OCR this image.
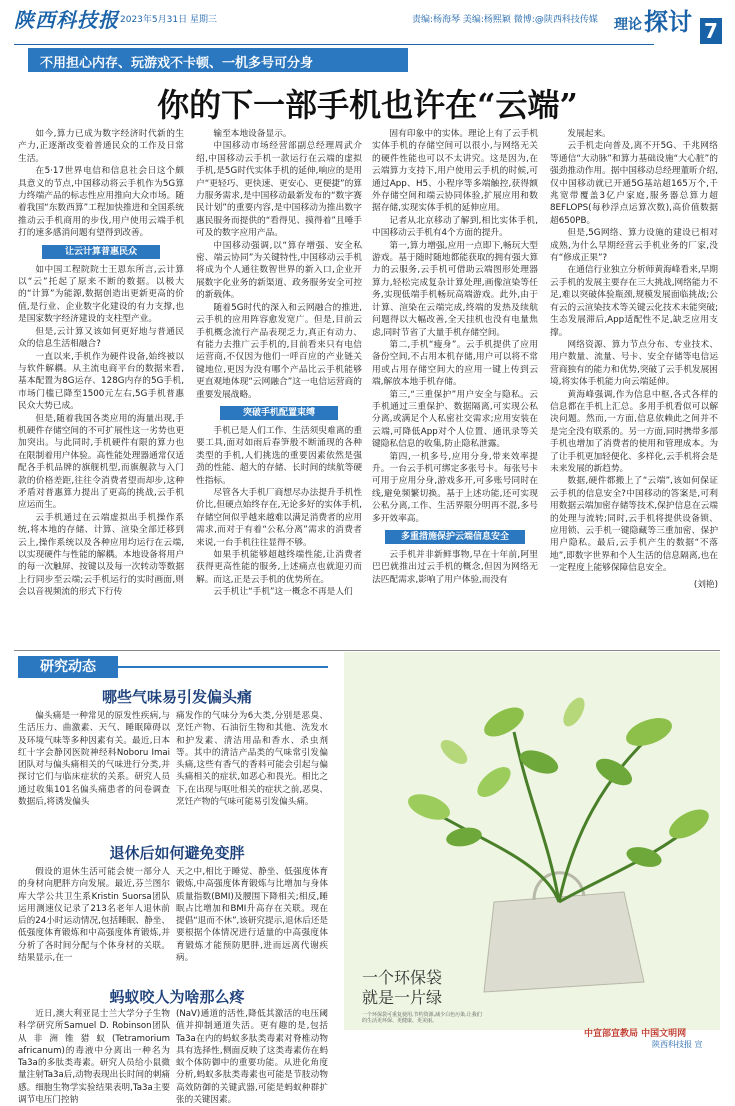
陕西科技报 2023年5月31日 星期三	责编:杨海琴 美编:杨熙颖 微博:@陕西科技传媒 理论 探讨 7
不用担心内存、玩游戏不卡顿、一机多号可分身
你的下一部手机也许在“云端”

如今,算力已成为数字经济时代新的生产力,正逐渐改变着普通民众的工作及日常生活。

在5·17世界电信和信息社会日这个颇具意义的节点,中国移动将云手机作为5G算力终端产品的标志性应用推向大众市场。随着我国“东数西算”工程加快推进和全国系统推动云手机商用的步伐,用户使用云端手机打的速多感消问题有望得到改善。

让云计算普惠民众

如中国工程院院士王恩东所言,云计算以“云”托起了原来不断的数据。以极大的“计算”为能源,数据创造出更新更高的价值,是行业、企业数字化建设的有力支撑,也是国家数字经济建设的支柱型产业。

但是,云计算又该如何更好地与普通民众的信息生活相融合?

一直以来,手机作为硬件设备,始终被以与软件解耦。从主流电商平台的数据来看,基本配置为8G运存、128G内存的5G手机,市场门槛已降至1500元左右,5G手机普惠民众大势已成。

但是,随着我国各类应用的海量出现,手机硬件存储空间的不可扩展性这一劣势也更加突出。与此同时,手机硬件有限的算力也在限制着用户体验。高性能处理器通常仅适配各手机品牌的旗舰机型,而旗舰款与入门款的价格差距,往往令消费者望而却步,这种矛盾对普惠算力提出了更高的挑战,云手机应运而生。

云手机通过在云端虚拟出手机操作系统,将本地的存储、计算、渲染全部迁移到云上,操作系统以及各种应用均运行在云端,以实现硬件与性能的解耦。本地设备将用户的每一次触屏、按键以及每一次转动等数据上行同步至云端;云手机运行的实时画面,则会以音视频流的形式下行传

输至本地设备显示。

中国移动市场经营部副总经理周武介绍,中国移动云手机一款运行在云端的虚拟手机,是5G时代实体手机的延伸,响应的是用户“更轻巧、更快速、更安心、更便捷”的算力服务需求,是中国移动最新发布的“数字赛民计划”的重要内容,是中国移动为推出数字惠民服务而提供的“看得见、摸得着”且唾手可及的数字应用产品。

中国移动强调,以“算存增强、安全私密、端云协同”为关键特性,中国移动云手机将成为个人通往数智世界的新入口,企业开展数字化业务的新渠道、政务服务安全可控的新载体。

随着5G时代的深入和云网融合的推进,云手机的应用阵容愈发宽广。但是,目前云手机概念流行产品表现乏力,真正有动力、有能力去推广云手机的,目前看来只有电信运营商,不仅因为他们一呼百应的产业链关键地位,更因为没有哪个产品比云手机能够更直观地体现“云网融合”这一电信运营商的重要发展战略。

突破手机配置束缚

手机已是人们工作、生活须臾难离的重要工具,面对如雨后春笋般不断涌现的各种类型的手机,人们挑选的重要因素依然是强劲的性能、超大的存储、长时间的续航等硬性指标。

尽管各大手机厂商想尽办法提升手机性价比,但硬点始终存在,无论多好的实体手机,存储空间似乎越来越难以满足消费者的应用需求,而对于有着“公私分离”需求的消费者来说,一台手机往往显得不够。

如果手机能够超越终端性能,让消费者获得更高性能的服务,上述痛点也就迎刃而解。而这,正是云手机的优势所在。

云手机让“手机”这一概念不再是人们

固有印象中的实体。理论上有了云手机实体手机的存储空间可以很小,与网络无关的硬件性能也可以不太讲究。这是因为,在云端算力支持下,用户使用云手机的时候,可通过App、H5、小程序等多端触控,获得额外存储空间和端云协同体验,扩展应用和数据存储,实现实体手机的延伸应用。

记者从北京移动了解到,相比实体手机,中国移动云手机有4个方面的提升。

第一,算力增强,应用一点即下,畅玩大型游戏。基于随时随地都能获取的拥有强大算力的云服务,云手机可借助云端图形处理器算力,轻松完成复杂计算处理,画像渲染等任务,实现低端手机畅玩高端游戏。此外,由于计算、渲染在云端完成,终端的发热及续航问题得以大幅改善,全天挂机也没有电量焦虑,同时节省了大量手机存储空间。

第二,手机“瘦身”。云手机提供了应用备份空间,不占用本机存储,用户可以将不常用或占用存储空间大的应用一键上传到云端,解放本地手机存储。

第三,“三重保护”用户安全与隐私。云手机通过三重保护、数据隔离,可实现公私分离,或满足个人私密社交需求;应用安装在云端,可降低App对个人位置、通讯录等关键隐私信息的收集,防止隐私泄露。

第四,一机多号,应用分身,带来效率提升。一台云手机可绑定多张号卡。每张号卡可用于应用分身,游戏多开,可多账号同时在线,避免频繁切换。基于上述功能,还可实现公私分离,工作、生活界限分明再不混,多号多开效率高。

多重措施保护云端信息安全

云手机并非新鲜事物,早在十年前,阿里巴巴就推出过云手机的概念,但因为网络无法匹配需求,影响了用户体验,而没有

发展起来。

云手机走向普及,离不开5G、千兆网络等通信“大动脉”和算力基础设施“大心脏”的强劲推动作用。据中国移动总经理董昕介绍,仅中国移动就已开通5G基站超165万个,千兆宽带覆盖3亿户家庭,服务器总算力超8EFLOPS(每秒浮点运算次数),高价值数据超650PB。

但是,5G网络、算力设施的建设已相对成熟,为什么早期经营云手机业务的厂家,没有“修成正果”?

在通信行业独立分析师黄海峰看来,早期云手机的发展主要存在三大挑战,网络能力不足,难以突破体验瓶颈,规模发展面临挑战;公有云的云渲染技术等关键云化技术未能突破;生态发展滞后,App适配性不足,缺乏应用支撑。

网络资源、算力节点分布、专业技术、用户数量、流量、号卡、安全存储等电信运营商独有的能力和优势,突破了云手机发展困境,将实体手机能力向云端延伸。

黄海峰强调,作为信息中枢,各式各样的信息都在手机上汇总。多用手机看似可以解决问题。然而,一方面,信息依赖此之间并不是完全没有联系的。另一方面,同时携带多部手机也增加了消费者的使用和管理成本。为了让手机更加轻便化、多样化,云手机将会是未来发展的新趋势。

数据,硬件都搬上了“云端”,该如何保证云手机的信息安全?中国移动的答案是,可利用数据云端加密存储等技术,保护信息在云端的处理与流转;同时,云手机将提供设备锁、应用锁、云手机一键隐藏等三重加密、保护用户隐私。最后,云手机产生的数据“不落地”,即数字世界和个人生活的信息隔离,也在一定程度上能够保障信息安全。

(刘艳)
研究动态
哪些气味易引发偏头痛

偏头痛是一种常见的原发性疾病,与生活压力、曲激素、天气、睡眠障碍以及环境气味等多种因素有关。最近,日本红十字会静冈医院神经科Noboru Imai团队对与偏头痛相关的气味进行分类,并探讨它们与临床症状的关系。研究人员通过收集101名偏头痛患者的问卷调查数据后,将诱发偏头

痛发作的气味分为6大类,分别是恶臭、烹饪产物、石油衍生物和其他、洗发水和护发素、清洁用品和香水、杀虫剂等。其中的清洁产品类的气味常引发偏头痛,这些有香气的香料可能会引起与偏头痛相关的症状,如恶心和畏光。相比之下,在出现与呕吐相关的症状之前,恶臭、烹饪产物的气味可能易引发偏头痛。

退休后如何避免变胖

假设的退休生活可能会使一部分人的身材向肥胖方向发展。最近,芬兰图尔库大学公共卫生系Kristin Suorsa团队运用测速仪记录了213名老年人退休前后的24小时运动情况,包括睡眠、静坐、低强度体育锻炼和中高强度体育锻炼,并分析了各时间分配与个体身材的关联。结果显示,在一

天之中,相比于睡觉、静坐、低强度体育锻炼,中高强度体育锻炼与比增加与身体质量指数(BMI)及腰围下降相关;相反,睡眠占比增加和BMI升高存在关联。现在提倡“退而不休”,该研究提示,退休后还是要根据个体情况进行适量的中高强度体育锻炼才能预防肥胖,进而远离代谢疾病。

蚂蚁咬人为啥那么疼

近日,澳大利亚昆士兰大学分子生物科学研究所Samuel D. Robinson团队从非洲锥猎蚁(Tetramorium africanum)的毒液中分离出一种名为Ta3a的多肽类毒素。研究人员给小鼠微量注射Ta3a后,动物表现出长时间的刺痛感。细胞生物学实验结果表明,Ta3a主要调节电压门控钠

(NaV)通道的活性,降低其激活的电压阈值并抑制通道失活。更有趣的是,包括Ta3a在内的蚂蚁多肽类毒素对脊椎动物具有选择性,侧面反映了这类毒素仿在蚂蚁个体防御中的重要功能。从进化角度分析,蚂蚁多肽类毒素也可能是节肢动物高效防御的关键武器,可能是蚂蚁种群扩张的关键因素。

一个环保袋
就是一片绿
一个环保袋可重复使用,节约资源,减少白色污染,让我们的生活更环保、更健康、更美丽。
中宣部宣教局 中国文明网
陕西科技报 宣
